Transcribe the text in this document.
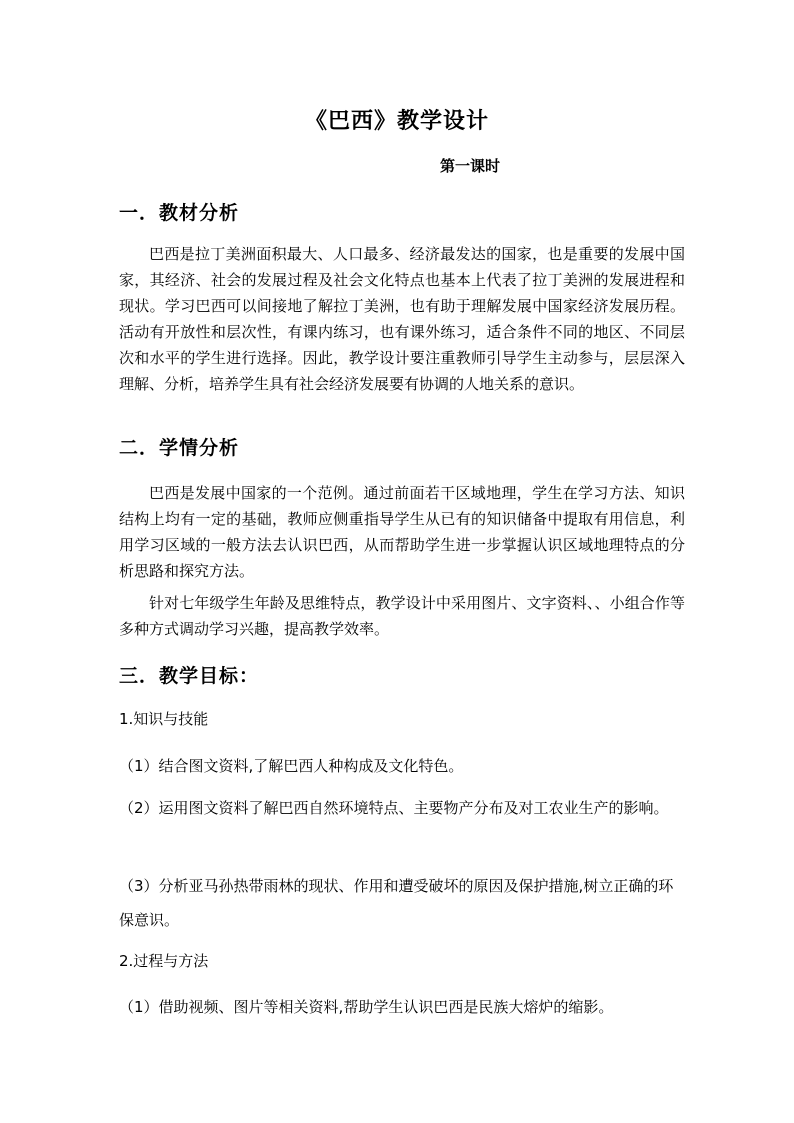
《巴西》教学设计
第一课时
一．教材分析
巴西是拉丁美洲面积最大、人口最多、经济最发达的国家，也是重要的发展中国家，其经济、社会的发展过程及社会文化特点也基本上代表了拉丁美洲的发展进程和现状。学习巴西可以间接地了解拉丁美洲，也有助于理解发展中国家经济发展历程。活动有开放性和层次性，有课内练习，也有课外练习，适合条件不同的地区、不同层次和水平的学生进行选择。因此，教学设计要注重教师引导学生主动参与，层层深入理解、分析，培养学生具有社会经济发展要有协调的人地关系的意识。
二．学情分析
巴西是发展中国家的一个范例。通过前面若干区域地理，学生在学习方法、知识结构上均有一定的基础，教师应侧重指导学生从已有的知识储备中提取有用信息，利用学习区域的一般方法去认识巴西，从而帮助学生进一步掌握认识区域地理特点的分析思路和探究方法。
针对七年级学生年龄及思维特点，教学设计中采用图片、文字资料、、小组合作等多种方式调动学习兴趣，提高教学效率。
三．教学目标：
1.知识与技能
（1）结合图文资料,了解巴西人种构成及文化特色。
（2）运用图文资料了解巴西自然环境特点、主要物产分布及对工农业生产的影响。
（3）分析亚马孙热带雨林的现状、作用和遭受破坏的原因及保护措施,树立正确的环保意识。
2.过程与方法
（1）借助视频、图片等相关资料,帮助学生认识巴西是民族大熔炉的缩影。
